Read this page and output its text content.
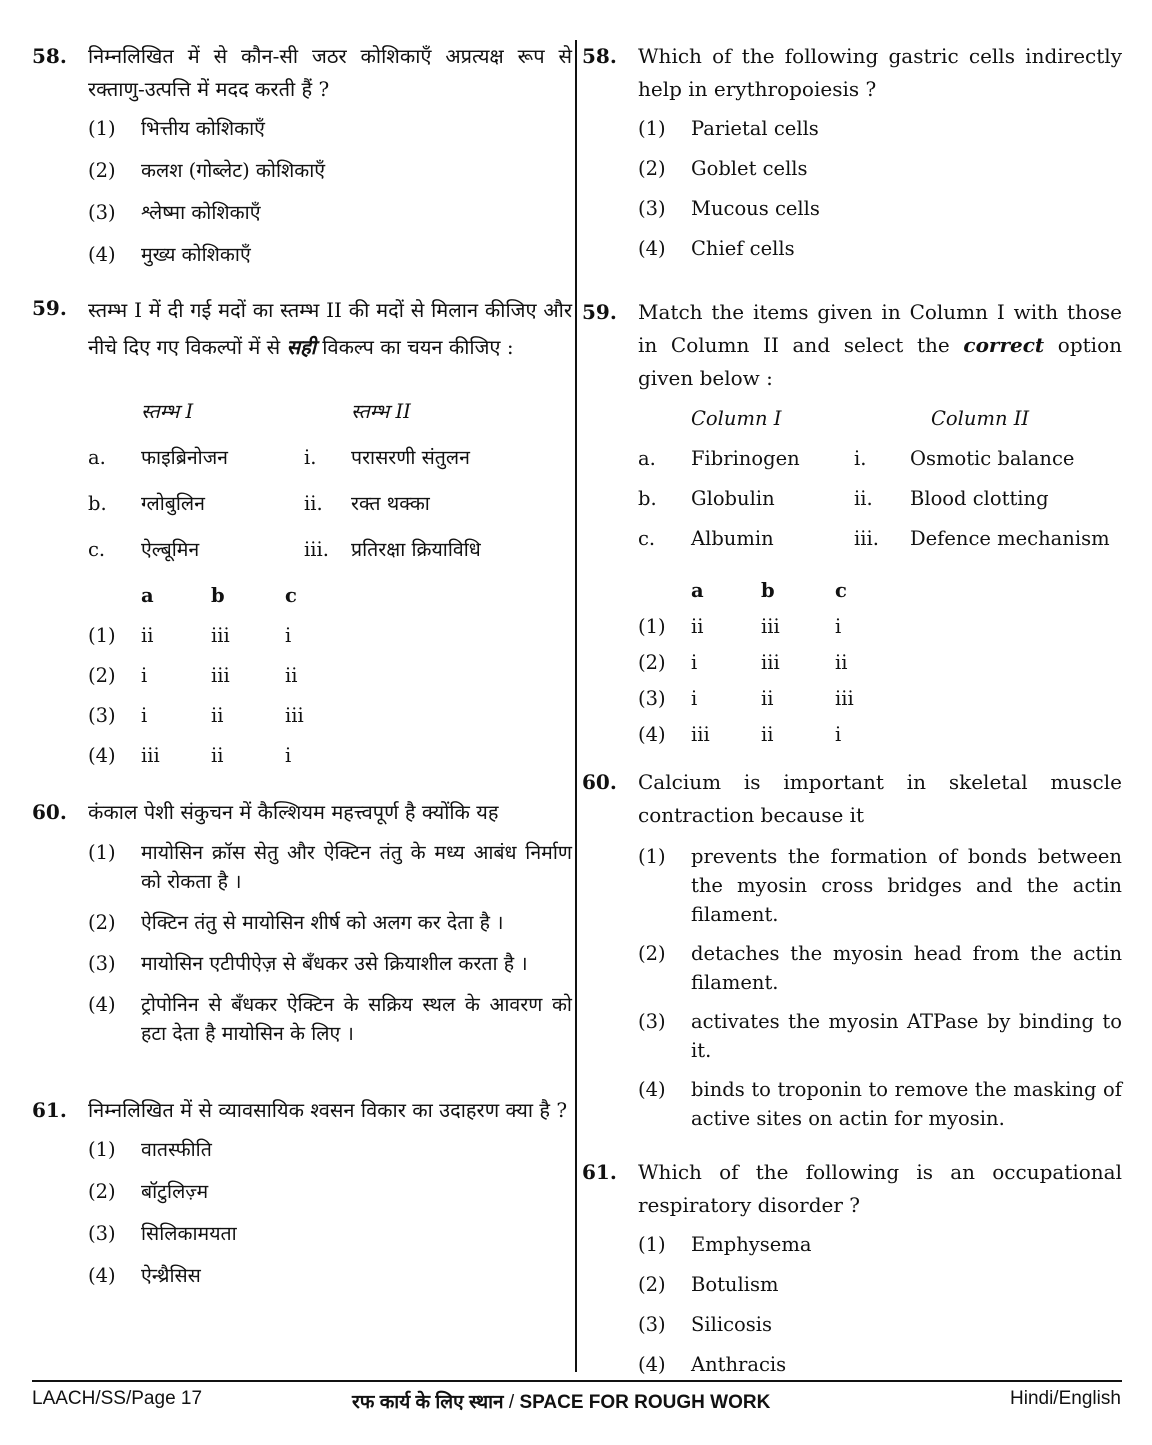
58. निम्नलिखित में से कौन-सी जठर कोशिकाएँ अप्रत्यक्ष रूप से रक्ताणु-उत्पत्ति में मदद करती हैं ?
(1) भित्तीय कोशिकाएँ
(2) कलश (गोब्लेट) कोशिकाएँ
(3) श्लेष्मा कोशिकाएँ
(4) मुख्य कोशिकाएँ
59. स्तम्भ I में दी गई मदों का स्तम्भ II की मदों से मिलान कीजिए और नीचे दिए गए विकल्पों में से सही विकल्प का चयन कीजिए :
स्तम्भ I	स्तम्भ II
a. फाइब्रिनोजन	i. परासरणी संतुलन
b. ग्लोबुलिन	ii. रक्त थक्का
c. ऐल्बूमिन	iii. प्रतिरक्षा क्रियाविधि
a	b	c
(1) ii	iii	i
(2) i	iii	ii
(3) i	ii	iii
(4) iii	ii	i
60. कंकाल पेशी संकुचन में कैल्शियम महत्त्वपूर्ण है क्योंकि यह
(1) मायोसिन क्रॉस सेतु और ऐक्टिन तंतु के मध्य आबंध निर्माण को रोकता है ।
(2) ऐक्टिन तंतु से मायोसिन शीर्ष को अलग कर देता है ।
(3) मायोसिन एटीपीऐज़ से बँधकर उसे क्रियाशील करता है ।
(4) ट्रोपोनिन से बँधकर ऐक्टिन के सक्रिय स्थल के आवरण को हटा देता है मायोसिन के लिए ।
61. निम्नलिखित में से व्यावसायिक श्वसन विकार का उदाहरण क्या है ?
(1) वातस्फीति
(2) बॉटुलिज़्म
(3) सिलिकामयता
(4) ऐन्थ्रैसिस
58. Which of the following gastric cells indirectly help in erythropoiesis ?
(1) Parietal cells
(2) Goblet cells
(3) Mucous cells
(4) Chief cells
59. Match the items given in Column I with those in Column II and select the correct option given below :
Column I	Column II
a. Fibrinogen	i. Osmotic balance
b. Globulin	ii. Blood clotting
c. Albumin	iii. Defence mechanism
a	b	c
(1) ii	iii	i
(2) i	iii	ii
(3) i	ii	iii
(4) iii	ii	i
60. Calcium is important in skeletal muscle contraction because it
(1) prevents the formation of bonds between the myosin cross bridges and the actin filament.
(2) detaches the myosin head from the actin filament.
(3) activates the myosin ATPase by binding to it.
(4) binds to troponin to remove the masking of active sites on actin for myosin.
61. Which of the following is an occupational respiratory disorder ?
(1) Emphysema
(2) Botulism
(3) Silicosis
(4) Anthracis
LAACH/SS/Page 17	रफ कार्य के लिए स्थान / SPACE FOR ROUGH WORK	Hindi/English
